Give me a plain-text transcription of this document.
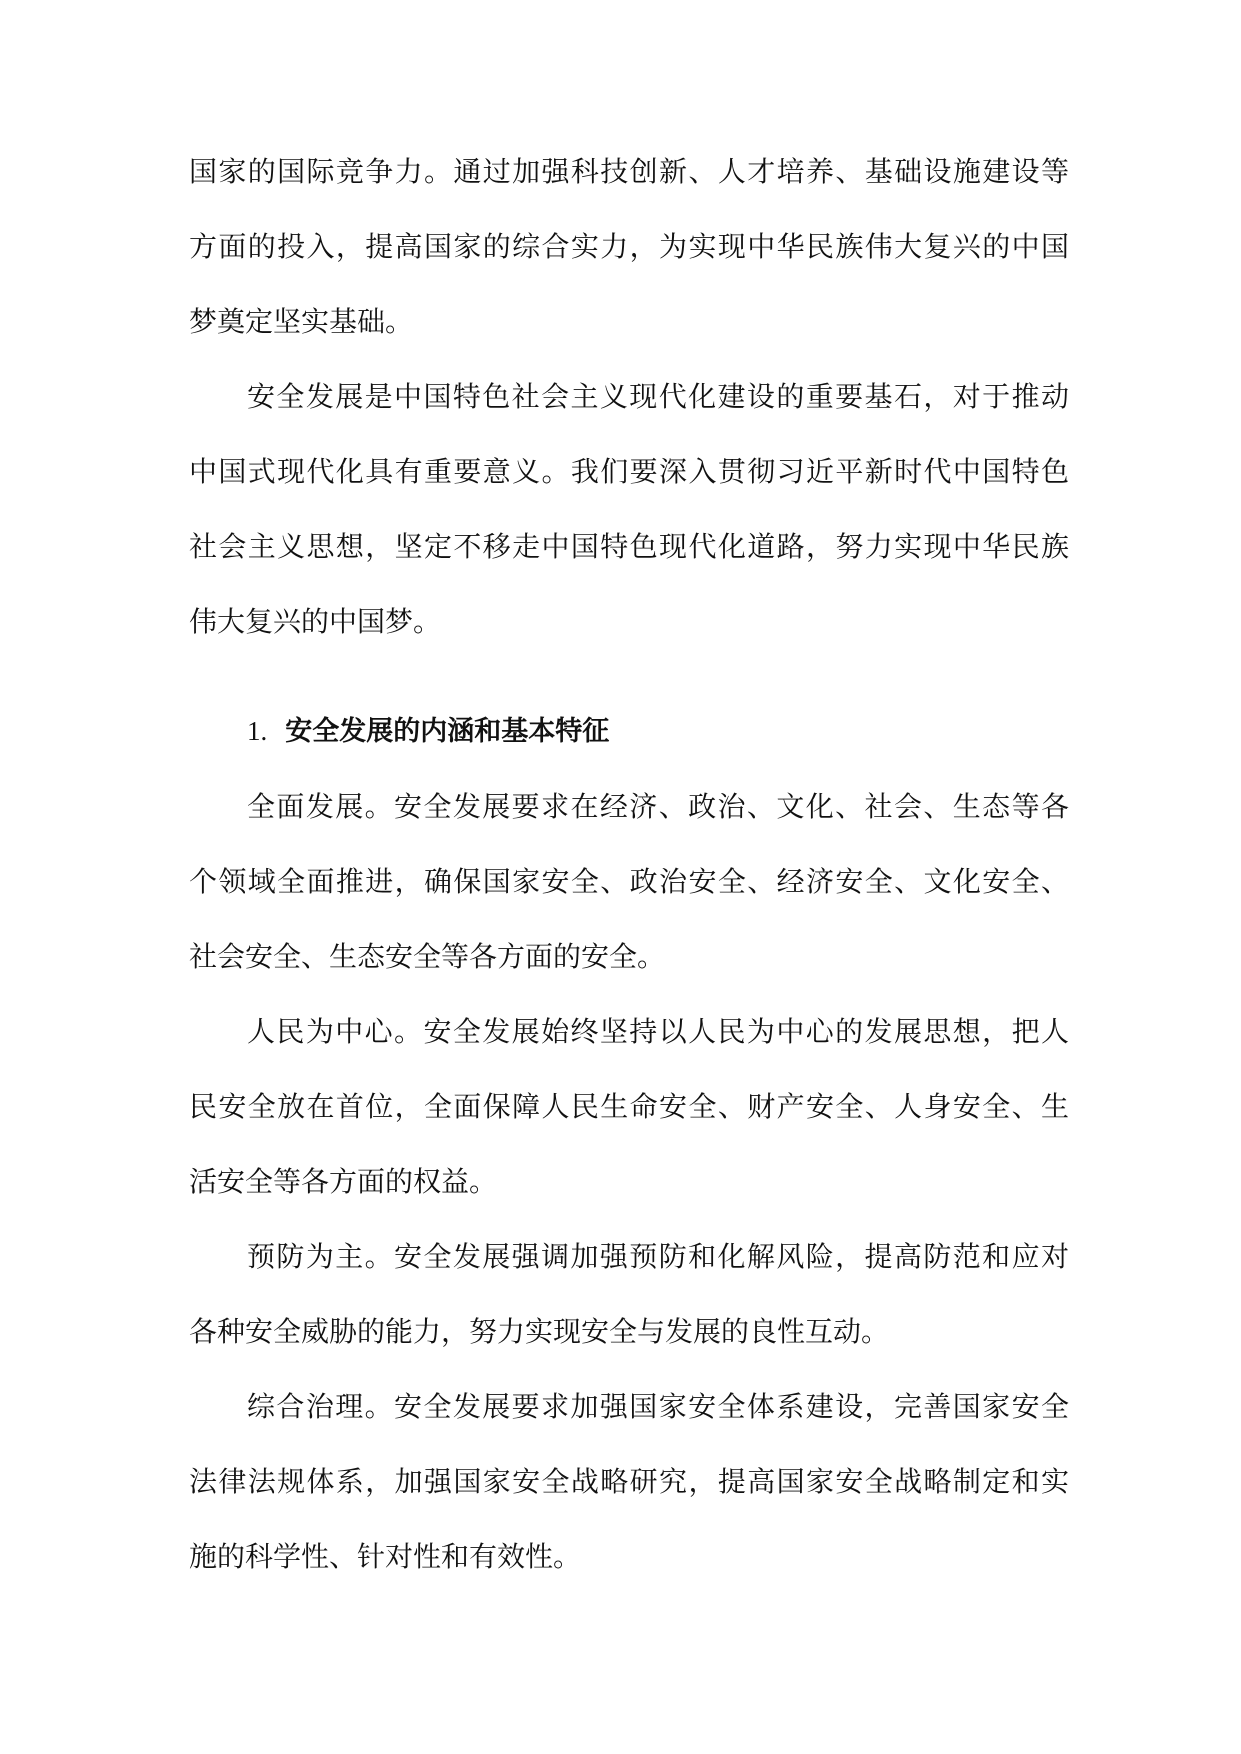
国家的国际竞争力。通过加强科技创新、人才培养、基础设施建设等
方面的投入，提高国家的综合实力，为实现中华民族伟大复兴的中国
梦奠定坚实基础。
安全发展是中国特色社会主义现代化建设的重要基石，对于推动
中国式现代化具有重要意义。我们要深入贯彻习近平新时代中国特色
社会主义思想，坚定不移走中国特色现代化道路，努力实现中华民族
伟大复兴的中国梦。
1. 安全发展的内涵和基本特征
全面发展。安全发展要求在经济、政治、文化、社会、生态等各
个领域全面推进，确保国家安全、政治安全、经济安全、文化安全、
社会安全、生态安全等各方面的安全。
人民为中心。安全发展始终坚持以人民为中心的发展思想，把人
民安全放在首位，全面保障人民生命安全、财产安全、人身安全、生
活安全等各方面的权益。
预防为主。安全发展强调加强预防和化解风险，提高防范和应对
各种安全威胁的能力，努力实现安全与发展的良性互动。
综合治理。安全发展要求加强国家安全体系建设，完善国家安全
法律法规体系，加强国家安全战略研究，提高国家安全战略制定和实
施的科学性、针对性和有效性。
